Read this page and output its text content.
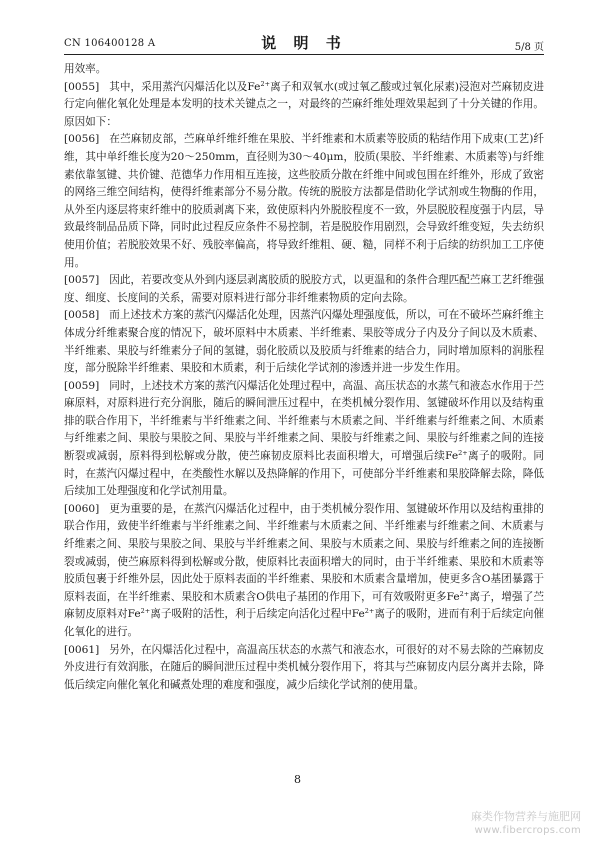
CN 106400128 A	说 明 书	5/8 页

用效率。

[0055] 其中，采用蒸汽闪爆活化以及$Fe^{2+}$离子和双氧水(或过氧乙酸或过氧化尿素)浸泡对苎麻韧皮进行定向催化氧化处理是本发明的技术关键点之一，对最终的苎麻纤维处理效果起到了十分关键的作用。原因如下：

[0056] 在苎麻韧皮部，苎麻单纤维纤维在果胶、半纤维素和木质素等胶质的粘结作用下成束(工艺)纤维，其中单纤维长度为20～250mm，直径则为30～40μm，胶质(果胶、半纤维素、木质素等)与纤维素依靠氢键、共价键、范德华力作用相互连接，这些胶质分散在纤维中间或包围在纤维外，形成了致密的网络三维空间结构，使得纤维素部分不易分散。传统的脱胶方法都是借助化学试剂或生物酶的作用，从外至内逐层将束纤维中的胶质剥离下来，致使原料内外脱胶程度不一致，外层脱胶程度强于内层，导致最终制品品质下降，同时此过程反应条件不易控制，若是脱胶作用剧烈，会导致纤维变短，失去纺织使用价值；若脱胶效果不好、残胶率偏高，将导致纤维粗、硬、糙，同样不利于后续的纺织加工工序使用。

[0057] 因此，若要改变从外到内逐层剥离胶质的脱胶方式，以更温和的条件合理匹配苎麻工艺纤维强度、细度、长度间的关系，需要对原料进行部分非纤维素物质的定向去除。

[0058] 而上述技术方案的蒸汽闪爆活化处理，因蒸汽闪爆处理强度低，所以，可在不破坏苎麻纤维主体成分纤维素聚合度的情况下，破坏原料中木质素、半纤维素、果胶等成分子内及分子间以及木质素、半纤维素、果胶与纤维素分子间的氢键，弱化胶质以及胶质与纤维素的结合力，同时增加原料的润胀程度，部分脱除半纤维素、果胶和木质素，利于后续化学试剂的渗透并进一步发生作用。

[0059] 同时，上述技术方案的蒸汽闪爆活化处理过程中，高温、高压状态的水蒸气和液态水作用于苎麻原料，对原料进行充分润胀，随后的瞬间泄压过程中，在类机械分裂作用、氢键破坏作用以及结构重排的联合作用下，半纤维素与半纤维素之间、半纤维素与木质素之间、半纤维素与纤维素之间、木质素与纤维素之间、果胶与果胶之间、果胶与半纤维素之间、果胶与纤维素之间、果胶与纤维素之间的连接断裂或减弱，原料得到松解或分散，使苎麻韧皮原料比表面积增大，可增强后续$Fe^{2+}$离子的吸附。同时，在蒸汽闪爆过程中，在类酸性水解以及热降解的作用下，可使部分半纤维素和果胶降解去除，降低后续加工处理强度和化学试剂用量。

[0060] 更为重要的是，在蒸汽闪爆活化过程中，由于类机械分裂作用、氢键破坏作用以及结构重排的联合作用，致使半纤维素与半纤维素之间、半纤维素与木质素之间、半纤维素与纤维素之间、木质素与纤维素之间、果胶与果胶之间、果胶与半纤维素之间、果胶与木质素之间、果胶与纤维素之间的连接断裂或减弱，使苎麻原料得到松解或分散，使原料比表面积增大的同时，由于半纤维素、果胶和木质素等胶质包裹于纤维外层，因此处于原料表面的半纤维素、果胶和木质素含量增加，使更多含O基团暴露于原料表面，在半纤维素、果胶和木质素含O供电子基团的作用下，可有效吸附更多$Fe^{2+}$离子，增强了苎麻韧皮原料对$Fe^{2+}$离子吸附的活性，利于后续定向活化过程中$Fe^{2+}$离子的吸附，进而有利于后续定向催化氧化的进行。

[0061] 另外，在闪爆活化过程中，高温高压状态的水蒸气和液态水，可很好的对不易去除的苎麻韧皮外皮进行有效润胀，在随后的瞬间泄压过程中类机械分裂作用下，将其与苎麻韧皮内层分离并去除，降低后续定向催化氧化和碱煮处理的难度和强度，减少后续化学试剂的使用量。

8
麻类作物营养与施肥网
www.fibercrops.com
